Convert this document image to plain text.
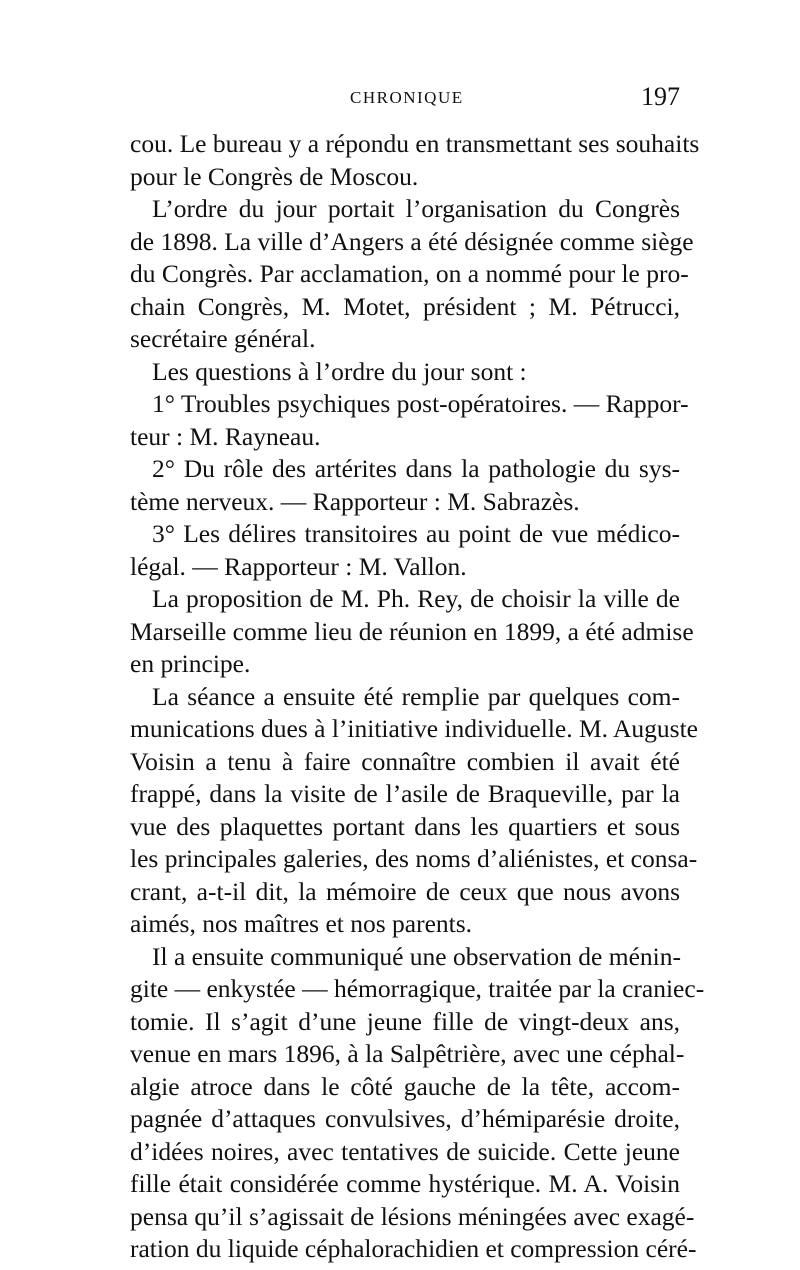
CHRONIQUE	197
cou. Le bureau y a répondu en transmettant ses souhaits
pour le Congrès de Moscou.
L’ordre du jour portait l’organisation du Congrès
de 1898. La ville d’Angers a été désignée comme siège
du Congrès. Par acclamation, on a nommé pour le pro-
chain Congrès, M. Motet, président ; M. Pétrucci,
secrétaire général.
Les questions à l’ordre du jour sont :
1° Troubles psychiques post-opératoires. — Rappor-
teur : M. Rayneau.
2° Du rôle des artérites dans la pathologie du sys-
tème nerveux. — Rapporteur : M. Sabrazès.
3° Les délires transitoires au point de vue médico-
légal. — Rapporteur : M. Vallon.
La proposition de M. Ph. Rey, de choisir la ville de
Marseille comme lieu de réunion en 1899, a été admise
en principe.
La séance a ensuite été remplie par quelques com-
munications dues à l’initiative individuelle. M. Auguste
Voisin a tenu à faire connaître combien il avait été
frappé, dans la visite de l’asile de Braqueville, par la
vue des plaquettes portant dans les quartiers et sous
les principales galeries, des noms d’aliénistes, et consa-
crant, a-t-il dit, la mémoire de ceux que nous avons
aimés, nos maîtres et nos parents.
Il a ensuite communiqué une observation de ménin-
gite — enkystée — hémorragique, traitée par la craniec-
tomie. Il s’agit d’une jeune fille de vingt-deux ans,
venue en mars 1896, à la Salpêtrière, avec une céphal-
algie atroce dans le côté gauche de la tête, accom-
pagnée d’attaques convulsives, d’hémiparésie droite,
d’idées noires, avec tentatives de suicide. Cette jeune
fille était considérée comme hystérique. M. A. Voisin
pensa qu’il s’agissait de lésions méningées avec exagé-
ration du liquide céphalorachidien et compression céré-
